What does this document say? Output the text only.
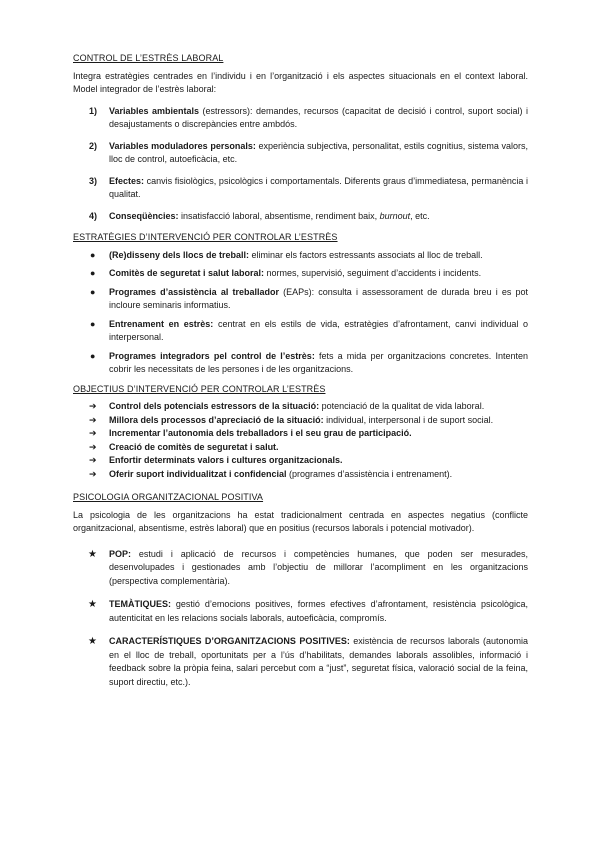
CONTROL DE L’ESTRÈS LABORAL
Integra estratègies centrades en l’individu i en l’organització i els aspectes situacionals en el context laboral. Model integrador de l’estrès laboral:
1) Variables ambientals (estressors): demandes, recursos (capacitat de decisió i control, suport social) i desajustaments o discrepàncies entre ambdós.
2) Variables moduladores personals: experiència subjectiva, personalitat, estils cognitius, sistema valors, lloc de control, autoeficàcia, etc.
3) Efectes: canvis fisiològics, psicològics i comportamentals. Diferents graus d’immediatesa, permanència i qualitat.
4) Conseqüències: insatisfacció laboral, absentisme, rendiment baix, burnout, etc.
ESTRATÈGIES D’INTERVENCIÓ PER CONTROLAR L’ESTRÈS
● (Re)disseny dels llocs de treball: eliminar els factors estressants associats al lloc de treball.
● Comitès de seguretat i salut laboral: normes, supervisió, seguiment d’accidents i incidents.
● Programes d’assistència al treballador (EAPs): consulta i assessorament de durada breu i es pot incloure seminaris informatius.
● Entrenament en estrès: centrat en els estils de vida, estratègies d’afrontament, canvi individual o interpersonal.
● Programes integradors pel control de l’estrès: fets a mida per organitzacions concretes. Intenten cobrir les necessitats de les persones i de les organitzacions.
OBJECTIUS D’INTERVENCIÓ PER CONTROLAR L’ESTRÈS
➔ Control dels potencials estressors de la situació: potenciació de la qualitat de vida laboral.
➔ Millora dels processos d’apreciació de la situació: individual, interpersonal i de suport social.
➔ Incrementar l’autonomia dels treballadors i el seu grau de participació.
➔ Creació de comitès de seguretat i salut.
➔ Enfortir determinats valors i cultures organitzacionals.
➔ Oferir suport individualitzat i confidencial (programes d’assistència i entrenament).
PSICOLOGIA ORGANITZACIONAL POSITIVA
La psicologia de les organitzacions ha estat tradicionalment centrada en aspectes negatius (conflicte organitzacional, absentisme, estrès laboral) que en positius (recursos laborals i potencial motivador).
★ POP: estudi i aplicació de recursos i competències humanes, que poden ser mesurades, desenvolupades i gestionades amb l’objectiu de millorar l’acompliment en les organitzacions (perspectiva complementària).
★ TEMÀTIQUES: gestió d’emocions positives, formes efectives d’afrontament, resistència psicològica, autenticitat en les relacions socials laborals, autoeficàcia, compromís.
★ CARACTERÍSTIQUES D’ORGANITZACIONS POSITIVES: existència de recursos laborals (autonomia en el lloc de treball, oportunitats per a l’ús d’habilitats, demandes laborals assolibles, informació i feedback sobre la pròpia feina, salari percebut com a “just”, seguretat física, valoració social de la feina, suport directiu, etc.).
